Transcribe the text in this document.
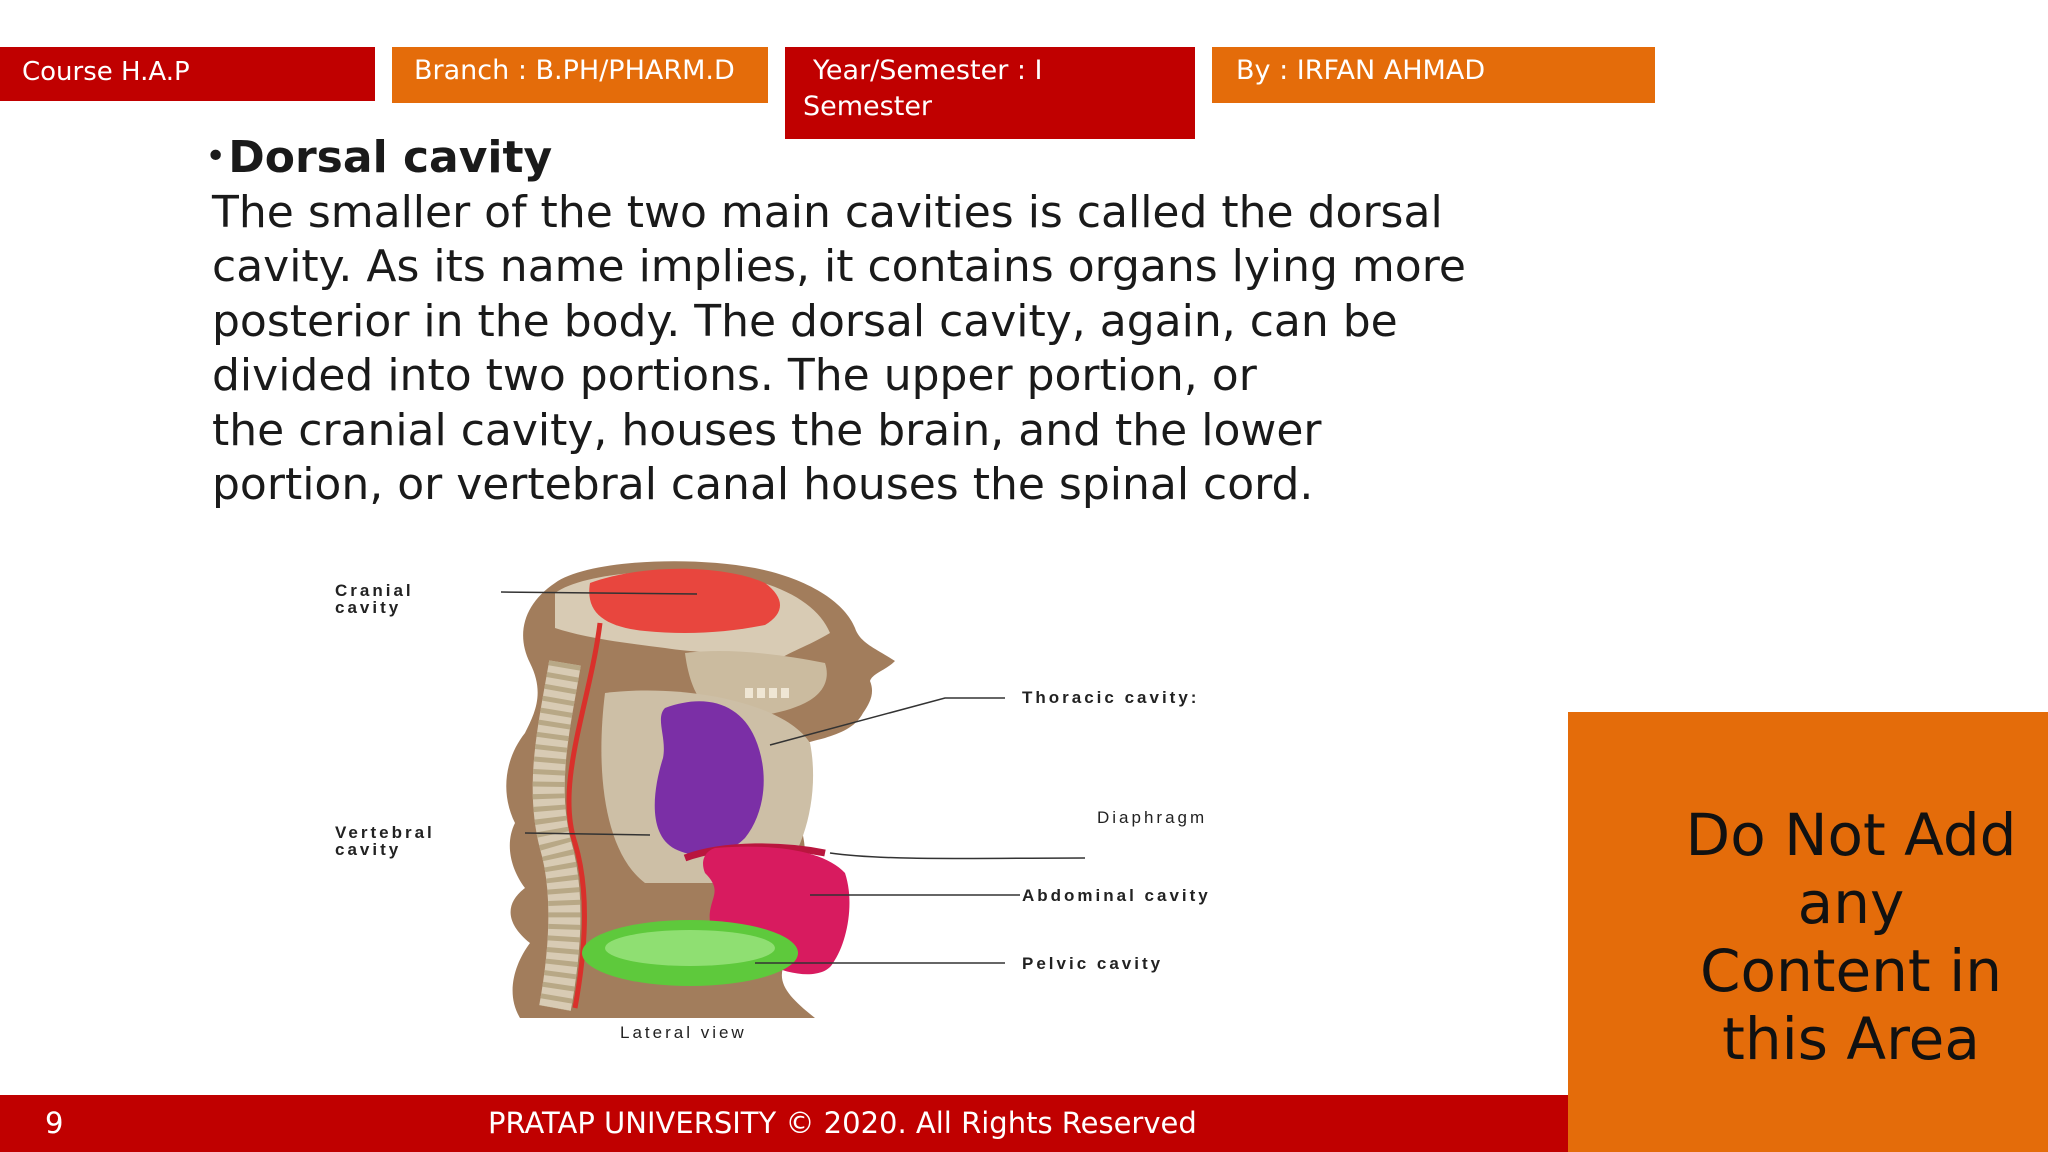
Course H.A.P	Branch : B.PH/PHARM.D	Year/Semester : I
Semester
By : IRFAN AHMAD
•Dorsal cavity
The smaller of the two main cavities is called the dorsal
cavity. As its name implies, it contains organs lying more
posterior in the body. The dorsal cavity, again, can be
divided into two portions. The upper portion, or
the cranial cavity, houses the brain, and the lower
portion, or vertebral canal houses the spinal cord.
Cranial
cavity
Thoracic cavity:
Vertebral
cavity
Diaphragm
Abdominal cavity
Pelvic cavity
Lateral view
Do Not Add any Content in this Area
9	PRATAP UNIVERSITY © 2020. All Rights Reserved
